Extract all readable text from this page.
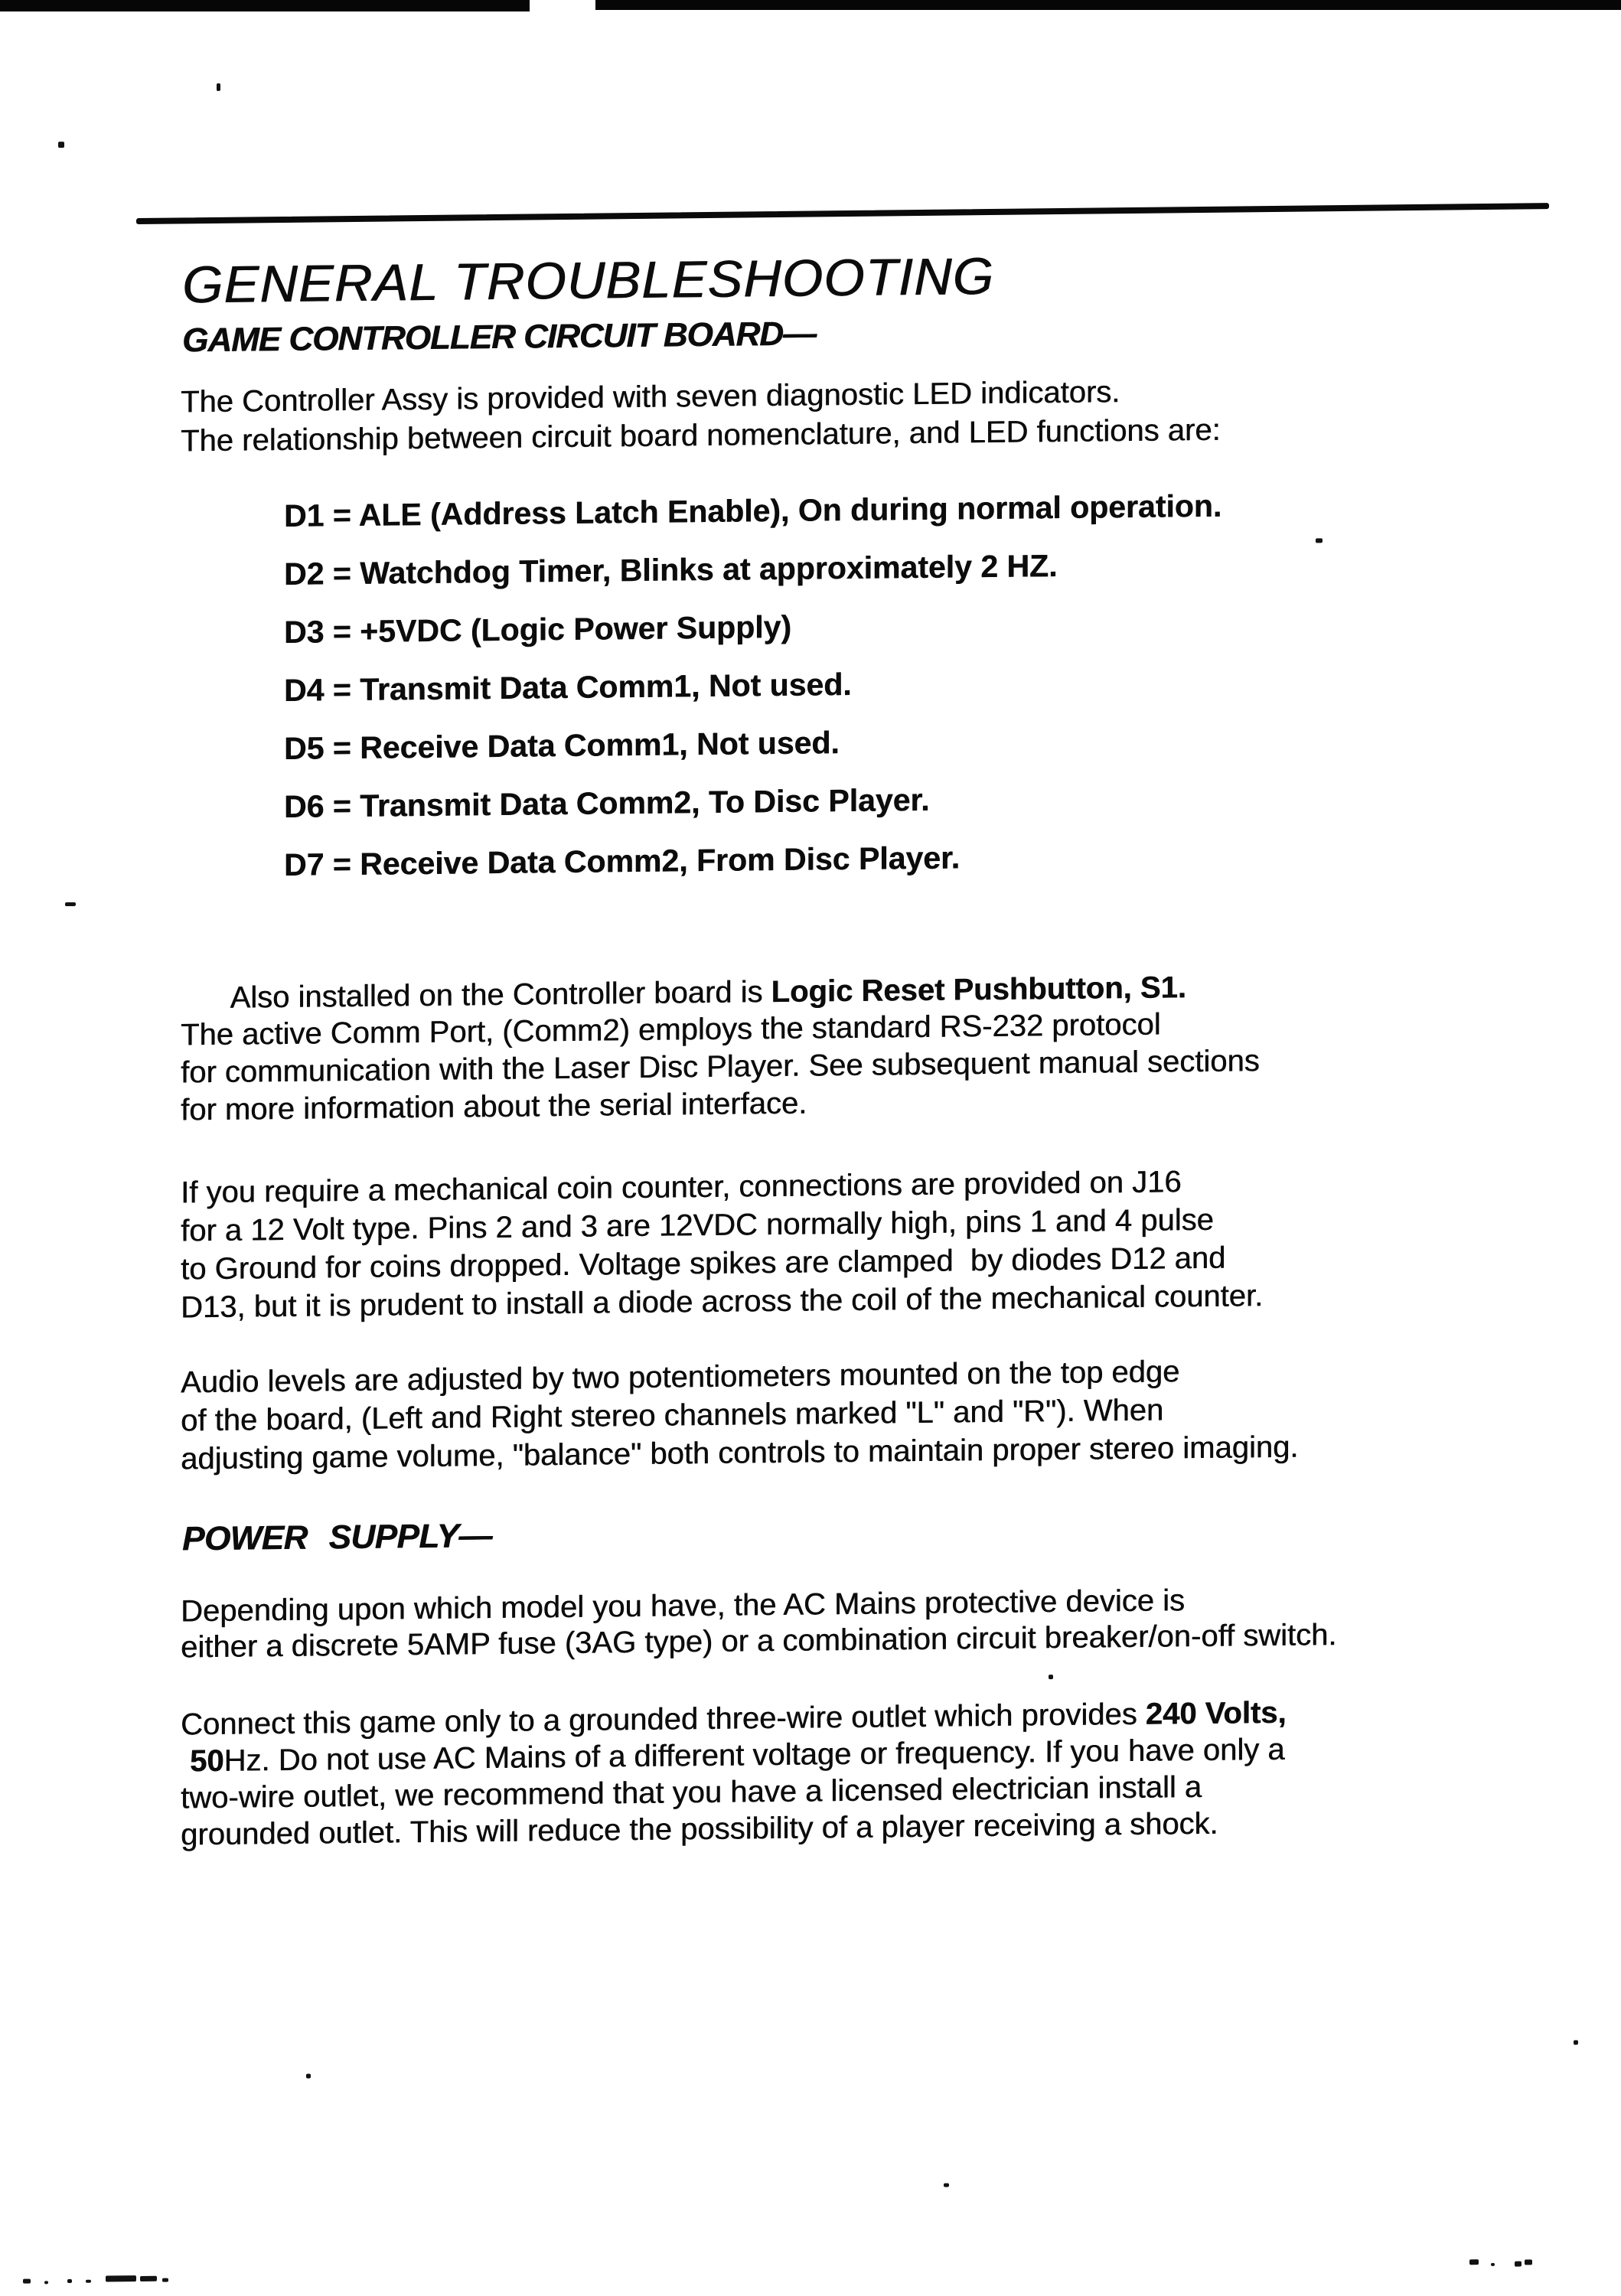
GENERAL TROUBLESHOOTING
GAME CONTROLLER CIRCUIT BOARD—
The Controller Assy is provided with seven diagnostic LED indicators.
The relationship between circuit board nomenclature, and LED functions are:
D1 = ALE (Address Latch Enable), On during normal operation.
D2 = Watchdog Timer, Blinks at approximately 2 HZ.
D3 = +5VDC (Logic Power Supply)
D4 = Transmit Data Comm1, Not used.
D5 = Receive Data Comm1, Not used.
D6 = Transmit Data Comm2, To Disc Player.
D7 = Receive Data Comm2, From Disc Player.

Also installed on the Controller board is Logic Reset Pushbutton, S1.

The active Comm Port, (Comm2) employs the standard RS-232 protocol
for communication with the Laser Disc Player. See subsequent manual sections
for more information about the serial interface.
If you require a mechanical coin counter, connections are provided on J16
for a 12 Volt type. Pins 2 and 3 are 12VDC normally high, pins 1 and 4 pulse
to Ground for coins dropped. Voltage spikes are clamped  by diodes D12 and
D13, but it is prudent to install a diode across the coil of the mechanical counter.
Audio levels are adjusted by two potentiometers mounted on the top edge
of the board, (Left and Right stereo channels marked "L" and "R"). When
adjusting game volume, "balance" both controls to maintain proper stereo imaging.
POWER SUPPLY—
Depending upon which model you have, the AC Mains protective device is
either a discrete 5AMP fuse (3AG type) or a combination circuit breaker/on-off switch.
Connect this game only to a grounded three-wire outlet which provides 240 Volts,
50Hz. Do not use AC Mains of a different voltage or frequency. If you have only a
two-wire outlet, we recommend that you have a licensed electrician install a
grounded outlet. This will reduce the possibility of a player receiving a shock.
